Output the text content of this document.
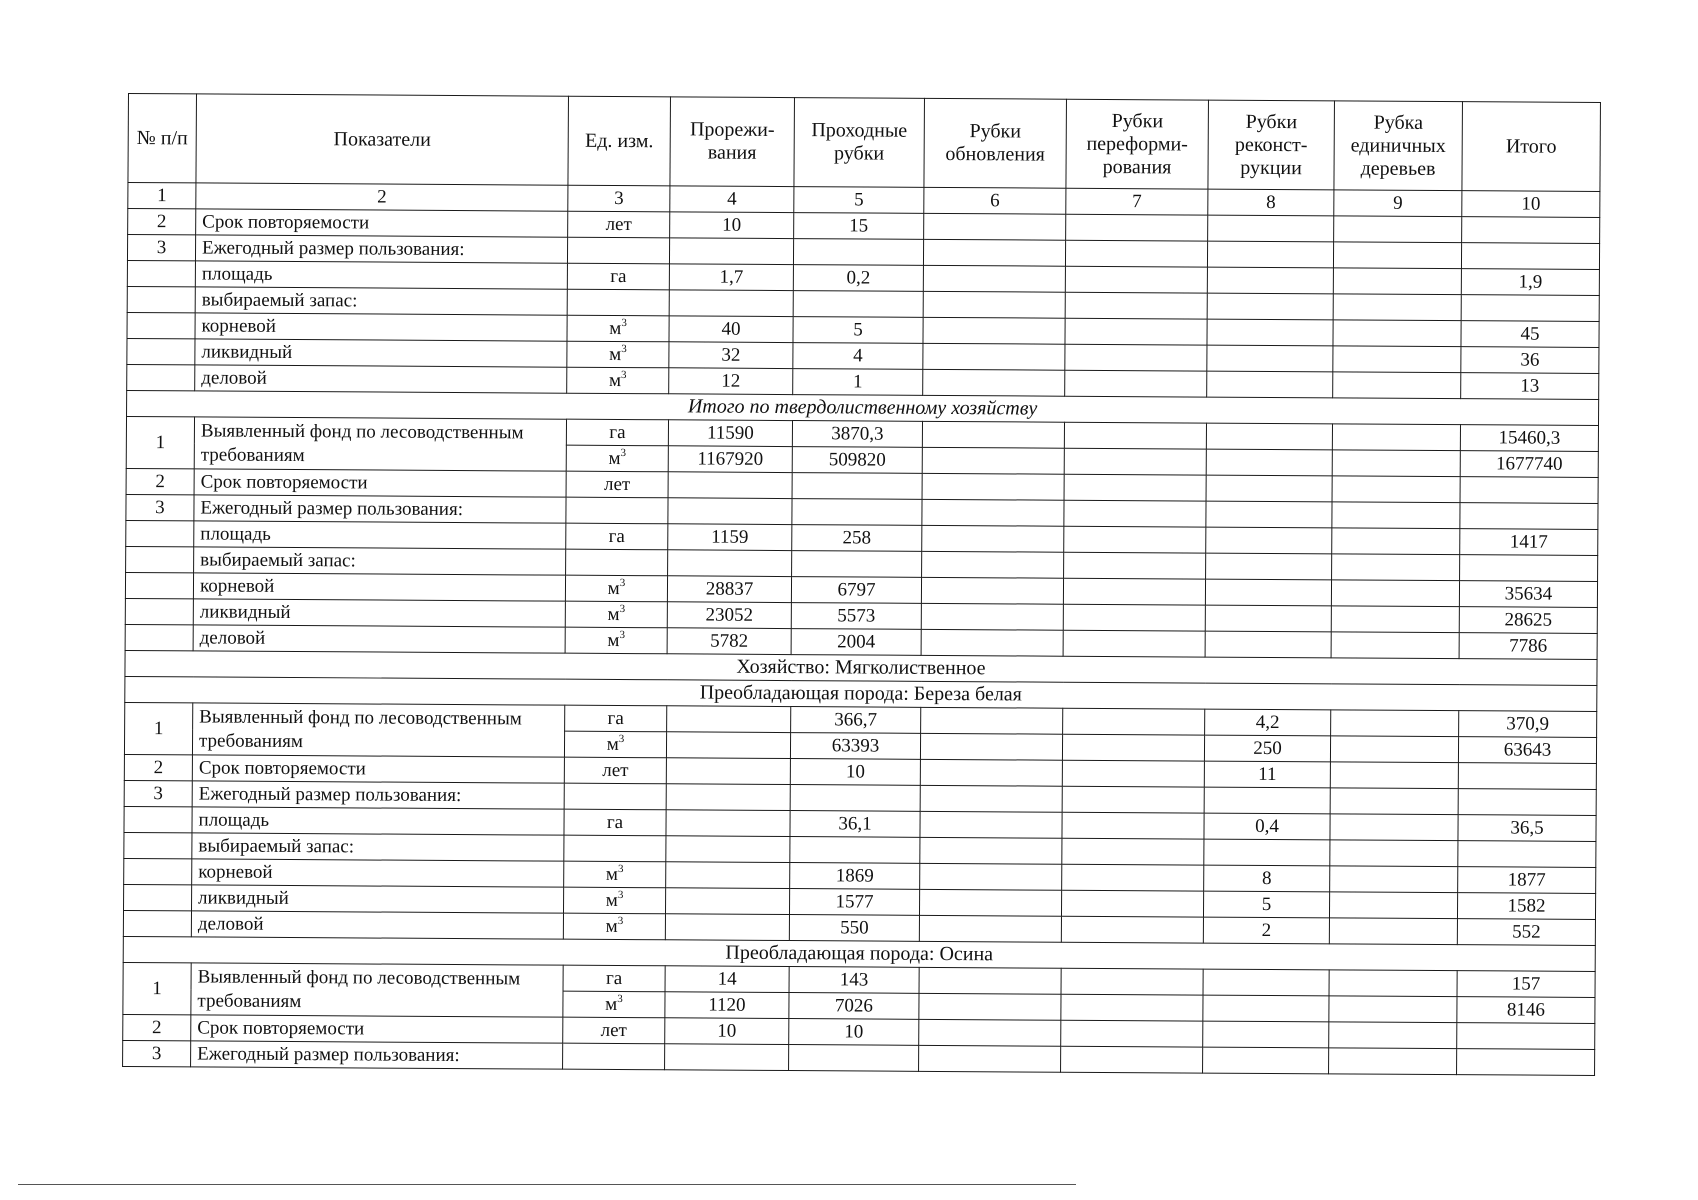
№ п/п	Показатели	Ед. изм.	Прорежи-вания	Проходные рубки	Рубки обновления	Рубки переформи-рования	Рубки реконст-рукции	Рубка единичных деревьев	Итого
1	2	3	4	5	6	7	8	9	10
2	Срок повторяемости	лет	10	15					
3	Ежегодный размер пользования:								
	площадь	га	1,7	0,2					1,9
	выбираемый запас:								
	корневой	$м^3$	40	5					45
	ликвидный	$м^3$	32	4					36
	деловой	$м^3$	12	1					13
Итого по твердолиственному хозяйству									
1	Выявленный фонд по лесоводственным требованиям	га	11590	3870,3					15460,3
		$м^3$	1167920	509820					1677740
2	Срок повторяемости	лет							
3	Ежегодный размер пользования:								
	площадь	га	1159	258					1417
	выбираемый запас:								
	корневой	$м^3$	28837	6797					35634
	ликвидный	$м^3$	23052	5573					28625
	деловой	$м^3$	5782	2004					7786
Хозяйство: Мягколиственное									
Преобладающая порода: Береза белая									
1	Выявленный фонд по лесоводственным требованиям	га		366,7			4,2		370,9
		$м^3$		63393			250		63643
2	Срок повторяемости	лет		10			11		
3	Ежегодный размер пользования:								
	площадь	га		36,1			0,4		36,5
	выбираемый запас:								
	корневой	$м^3$		1869			8		1877
	ликвидный	$м^3$		1577			5		1582
	деловой	$м^3$		550			2		552
Преобладающая порода: Осина									
1	Выявленный фонд по лесоводственным требованиям	га	14	143					157
		$м^3$	1120	7026					8146
2	Срок повторяемости	лет	10	10					
3	Ежегодный размер пользования:								
